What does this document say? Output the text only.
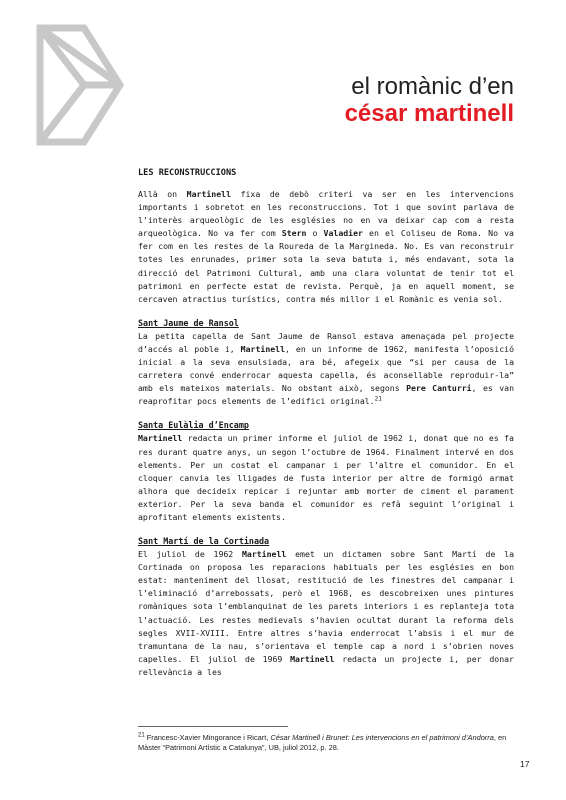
el romànic d’en
césar martinell

LES RECONSTRUCCIONS

Allà on Martinell fixa de debò criteri va ser en les intervencions importants i sobretot en les reconstruccions. Tot i que sovint parlava de l’interès arqueològic de les esglésies no en va deixar cap com a resta arqueològica. No va fer com Stern o Valadier en el Coliseu de Roma. No va fer com en les restes de la Roureda de la Margineda. No. Es van reconstruir totes les enrunades, primer sota la seva batuta i, més endavant, sota la direcció del Patrimoni Cultural, amb una clara voluntat de tenir tot el patrimoni en perfecte estat de revista. Perquè, ja en aquell moment, se cercaven atractius turístics, contra més millor i el Romànic es venia sol.

Sant Jaume de Ransol

La petita capella de Sant Jaume de Ransol estava amenaçada pel projecte d’accés al poble i, Martinell, en un informe de 1962, manifesta l’oposició inicial a la seva ensulsiada, ara bé, afegeix que “si per causa de la carretera convé enderrocar aquesta capella, és aconsellable reproduir-la” amb els mateixos materials. No obstant això, segons Pere Canturri, es van reaprofitar pocs elements de l’edifici original.$^{21}$

Santa Eulàlia d’Encamp

Martinell redacta un primer informe el juliol de 1962 i, donat que no es fa res durant quatre anys, un segon l’octubre de 1964. Finalment intervé en dos elements. Per un costat el campanar i per l’altre el comunidor. En el cloquer canvia les lligades de fusta interior per altre de formigó armat alhora que decideix repicar i rejuntar amb morter de ciment el parament exterior. Per la seva banda el comunidor es refà seguint l’original i aprofitant elements existents.

Sant Martí de la Cortinada

El juliol de 1962 Martinell emet un dictamen sobre Sant Martí de la Cortinada on proposa les reparacions habituals per les esglésies en bon estat: manteniment del llosat, restitució de les finestres del campanar i l’eliminació d’arrebossats, però el 1968, es descobreixen unes pintures romàniques sota l’emblanquinat de les parets interiors i es replanteja tota l’actuació. Les restes medievals s’havien ocultat durant la reforma dels segles XVII-XVIII. Entre altres s’havia enderrocat l’absis i el mur de tramuntana de la nau, s’orientava el temple cap a nord i s’obrien noves capelles. El juliol de 1969 Martinell redacta un projecte i, per donar rellevància a les

$^{21}$ Francesc-Xavier Mingorance i Ricart, César Martinell i Brunet: Les intervencions en el patrimoni d’Andorra, en Màster “Patrimoni Artístic a Catalunya”, UB, juliol 2012, p. 28.
17
